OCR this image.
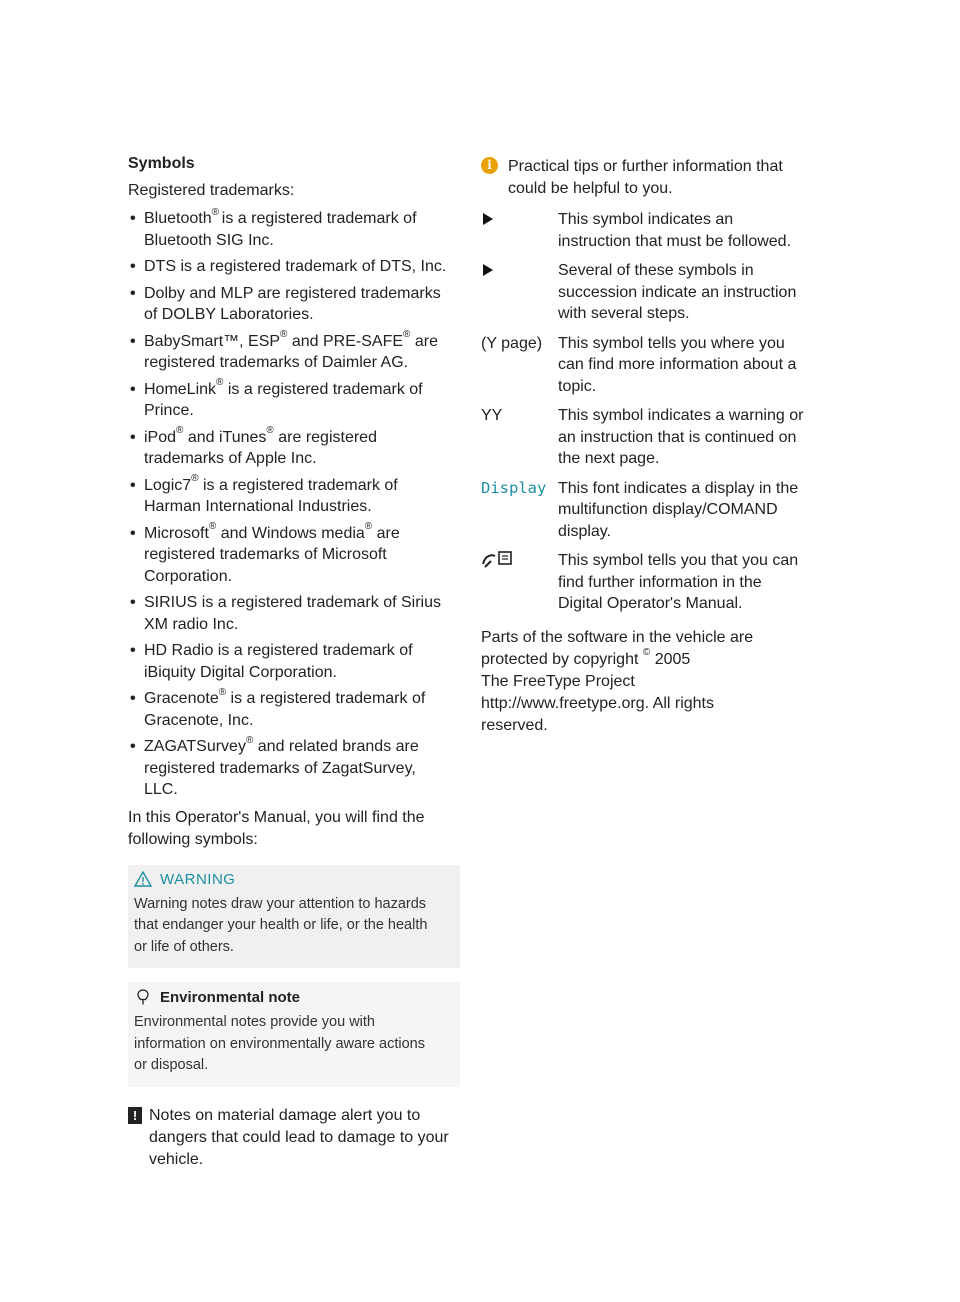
Symbols
Registered trademarks:
• Bluetooth® is a registered trademark of
Bluetooth SIG Inc.
• DTS is a registered trademark of DTS, Inc.
• Dolby and MLP are registered trademarks
of DOLBY Laboratories.
• BabySmart™, ESP® and PRE-SAFE® are
registered trademarks of Daimler AG.
• HomeLink® is a registered trademark of
Prince.
• iPod® and iTunes® are registered
trademarks of Apple Inc.
• Logic7® is a registered trademark of
Harman International Industries.
• Microsoft® and Windows media® are
registered trademarks of Microsoft
Corporation.
• SIRIUS is a registered trademark of Sirius
XM radio Inc.
• HD Radio is a registered trademark of
iBiquity Digital Corporation.
• Gracenote® is a registered trademark of
Gracenote, Inc.
• ZAGATSurvey® and related brands are
registered trademarks of ZagatSurvey,
LLC.
In this Operator's Manual, you will find the
following symbols:
WARNING
Warning notes draw your attention to hazards
that endanger your health or life, or the health
or life of others.
Environmental note
Environmental notes provide you with
information on environmentally aware actions
or disposal.
! Notes on material damage alert you to
dangers that could lead to damage to your
vehicle.
i	Practical tips or further information that
could be helpful to you.
This symbol indicates an
instruction that must be followed.
Several of these symbols in
succession indicate an instruction
with several steps.
(Y page) This symbol tells you where you
can find more information about a
topic.
YY	This symbol indicates a warning or
an instruction that is continued on
the next page.
Display This font indicates a display in the
multifunction display/COMAND
display.
This symbol tells you that you can
find further information in the
Digital Operator's Manual.
Parts of the software in the vehicle are
protected by copyright © 2005
The FreeType Project
http://www.freetype.org. All rights
reserved.
